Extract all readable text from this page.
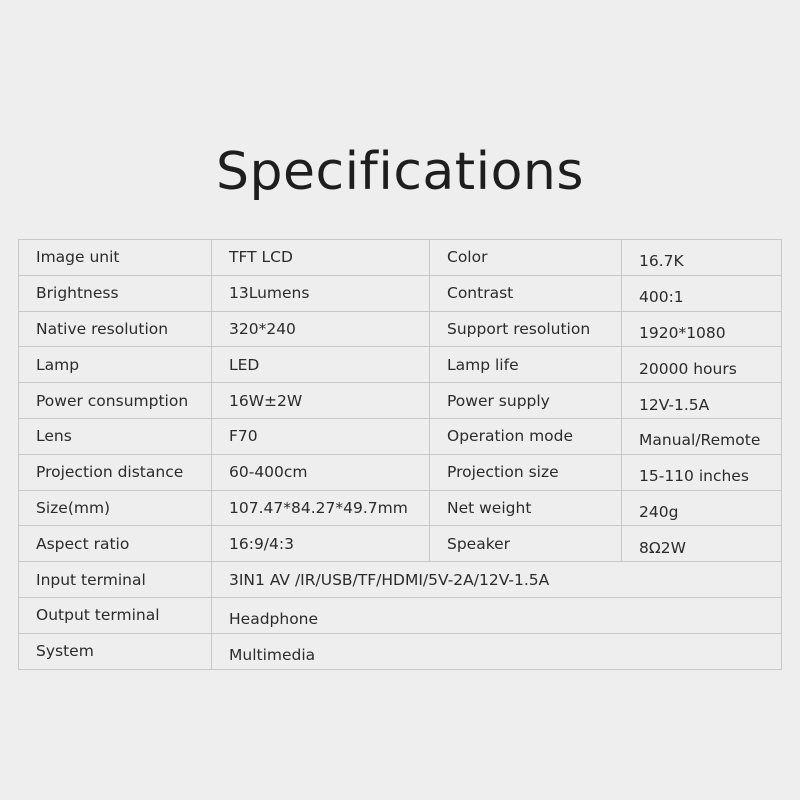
Specifications
Image unit	TFT LCD	Color	16.7K
Brightness	13Lumens	Contrast	400:1
Native resolution	320*240	Support resolution	1920*1080
Lamp	LED	Lamp life	20000 hours
Power consumption	16W±2W	Power supply	12V-1.5A
Lens	F70	Operation mode	Manual/Remote
Projection distance	60-400cm	Projection size	15-110 inches
Size(mm)	107.47*84.27*49.7mm	Net weight	240g
Aspect ratio	16:9/4:3	Speaker	8Ω2W
Input terminal	3IN1 AV /IR/USB/TF/HDMI/5V-2A/12V-1.5A		
Output terminal	Headphone		
System	Multimedia		
